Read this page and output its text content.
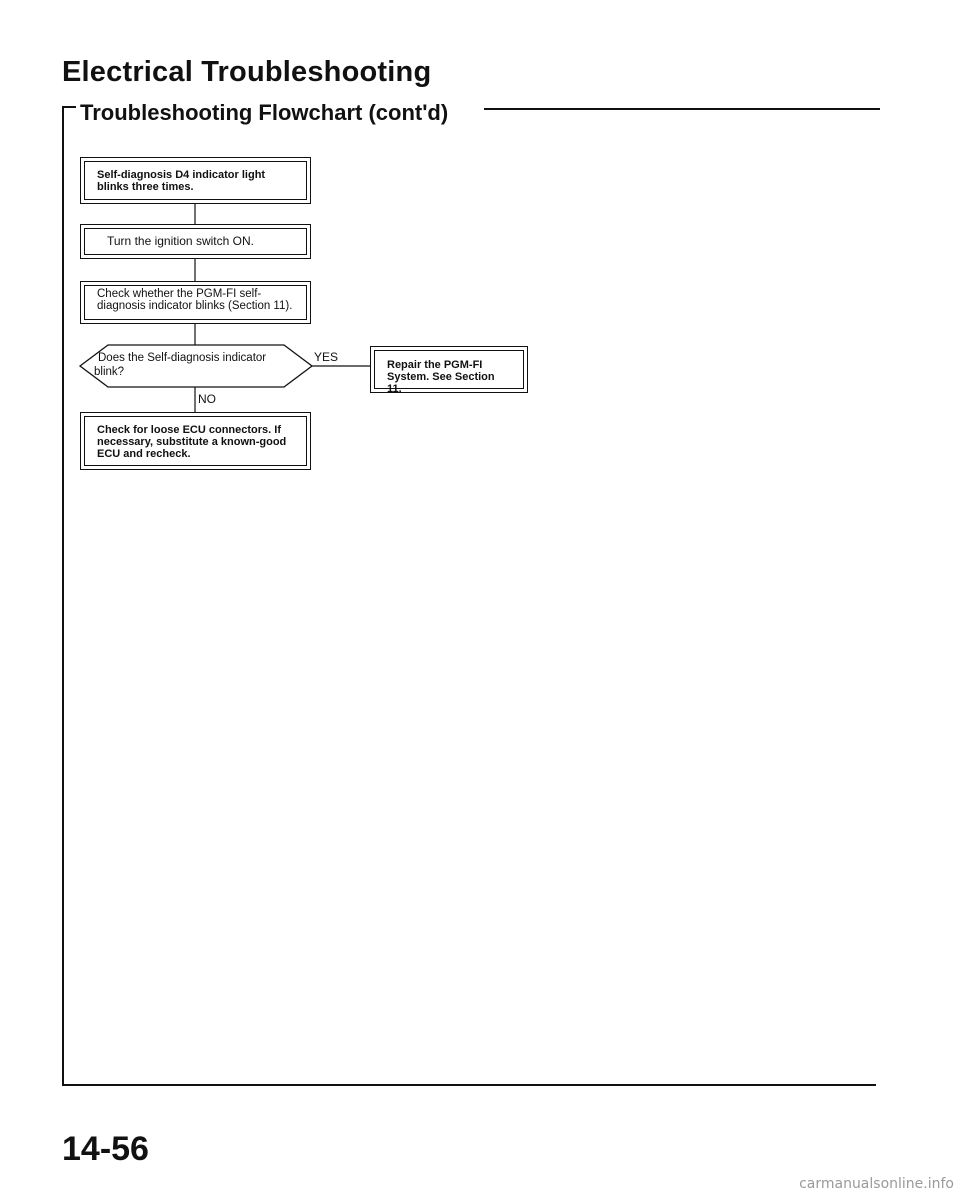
Electrical Troubleshooting
Troubleshooting Flowchart (cont'd)
Self-diagnosis D4 indicator light blinks three times.
Turn the ignition switch ON.
Check whether the PGM-FI self-diagnosis indicator blinks (Section 11).
Does the Self-diagnosis indicator
blink?
YES
Repair the PGM-FI System. See Section 11.
NO
Check for loose ECU connectors. If necessary, substitute a known-good ECU and recheck.
14-56
carmanualsonline.info
